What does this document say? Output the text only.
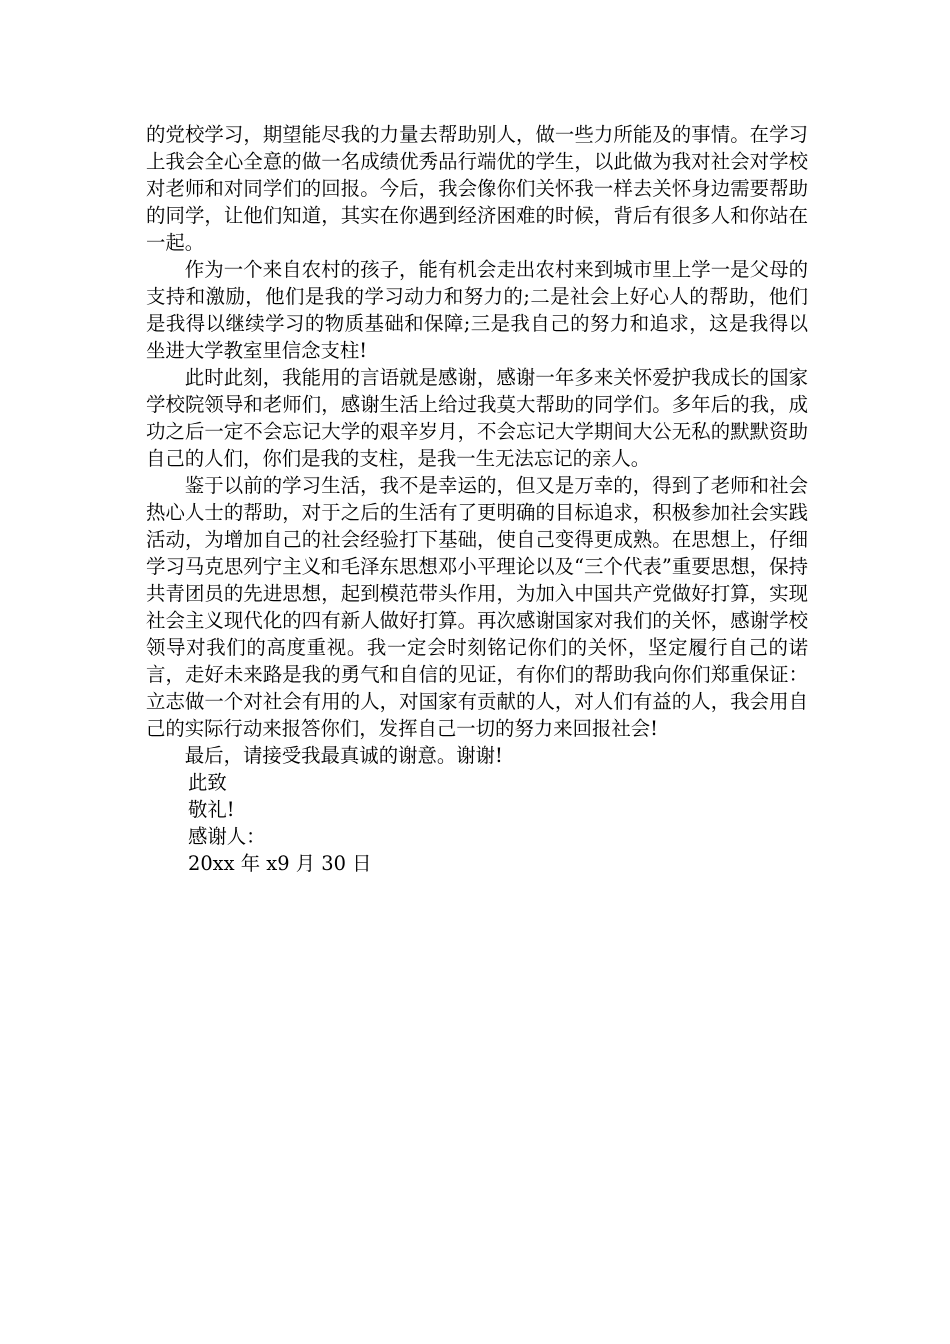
的党校学习，期望能尽我的力量去帮助别人，做一些力所能及的事情。在学习上我会全心全意的做一名成绩优秀品行端优的学生，以此做为我对社会对学校对老师和对同学们的回报。今后，我会像你们关怀我一样去关怀身边需要帮助的同学，让他们知道，其实在你遇到经济困难的时候，背后有很多人和你站在一起。

作为一个来自农村的孩子，能有机会走出农村来到城市里上学一是父母的支持和激励，他们是我的学习动力和努力的;二是社会上好心人的帮助，他们是我得以继续学习的物质基础和保障;三是我自己的努力和追求，这是我得以坐进大学教室里信念支柱!

此时此刻，我能用的言语就是感谢，感谢一年多来关怀爱护我成长的国家学校院领导和老师们，感谢生活上给过我莫大帮助的同学们。多年后的我，成功之后一定不会忘记大学的艰辛岁月，不会忘记大学期间大公无私的默默资助自己的人们，你们是我的支柱，是我一生无法忘记的亲人。

鉴于以前的学习生活，我不是幸运的，但又是万幸的，得到了老师和社会热心人士的帮助，对于之后的生活有了更明确的目标追求，积极参加社会实践活动，为增加自己的社会经验打下基础，使自己变得更成熟。在思想上，仔细学习马克思列宁主义和毛泽东思想邓小平理论以及“三个代表”重要思想，保持共青团员的先进思想，起到模范带头作用，为加入中国共产党做好打算，实现社会主义现代化的四有新人做好打算。再次感谢国家对我们的关怀，感谢学校领导对我们的高度重视。我一定会时刻铭记你们的关怀，坚定履行自己的诺言，走好未来路是我的勇气和自信的见证，有你们的帮助我向你们郑重保证：立志做一个对社会有用的人，对国家有贡献的人，对人们有益的人，我会用自己的实际行动来报答你们，发挥自己一切的努力来回报社会!

最后，请接受我最真诚的谢意。谢谢!

此致

敬礼!

感谢人：

20xx 年 x9 月 30 日
